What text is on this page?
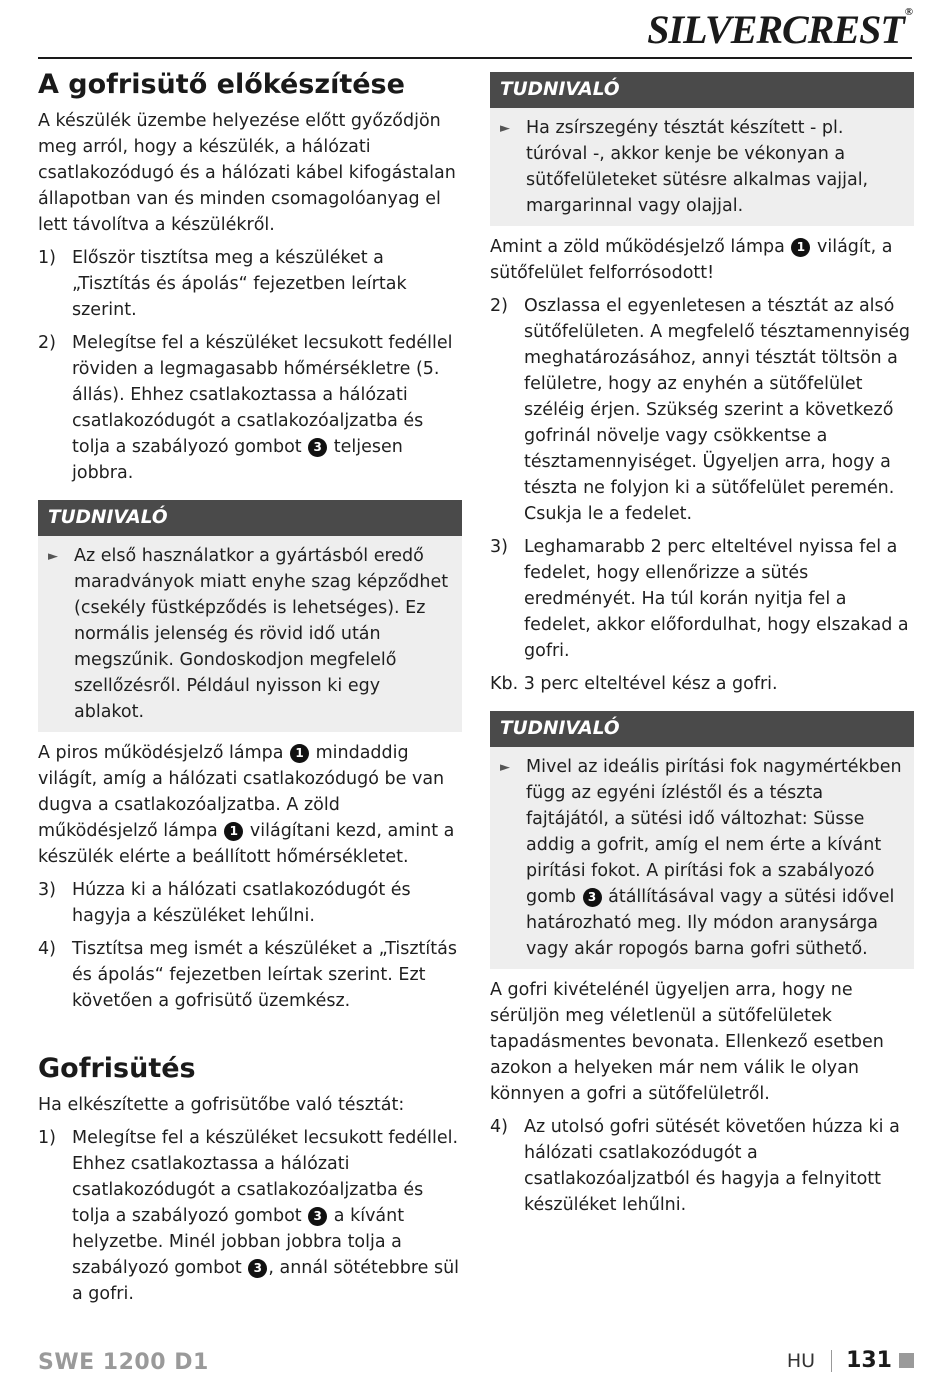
SILVERCREST®
A gofrisütő előkészítése

A készülék üzembe helyezése előtt győződjön meg arról, hogy a készülék, a hálózati csatlakozódugó és a hálózati kábel kifogástalan állapotban van és minden csomagolóanyag el lett távolítva a készülékről.

1) Először tisztítsa meg a készüléket a „Tisztítás és ápolás“ fejezetben leírtak szerint.
2) Melegítse fel a készüléket lecsukott fedéllel röviden a legmagasabb hőmérsékletre (5. állás). Ehhez csatlakoztassa a hálózati csatlakozódugót a csatlakozóaljzatba és tolja a szabályozó gombot 3 teljesen jobbra.
TUDNIVALÓ
► Az első használatkor a gyártásból eredő maradványok miatt enyhe szag képződhet (csekély füstképződés is lehetséges). Ez normális jelenség és rövid idő után megszűnik. Gondoskodjon megfelelő szellőzésről. Például nyisson ki egy ablakot.

A piros működésjelző lámpa 1 mindaddig világít, amíg a hálózati csatlakozódugó be van dugva a csatlakozóaljzatba. A zöld működésjelző lámpa 1 világítani kezd, amint a készülék elérte a beállított hőmérsékletet.

3) Húzza ki a hálózati csatlakozódugót és hagyja a készüléket lehűlni.
4) Tisztítsa meg ismét a készüléket a „Tisztítás és ápolás“ fejezetben leírtak szerint. Ezt követően a gofrisütő üzemkész.
Gofrisütés

Ha elkészítette a gofrisütőbe való tésztát:

1) Melegítse fel a készüléket lecsukott fedéllel. Ehhez csatlakoztassa a hálózati csatlakozódugót a csatlakozóaljzatba és tolja a szabályozó gombot 3 a kívánt helyzetbe. Minél jobban jobbra tolja a szabályozó gombot 3 , annál sötétebbre sül a gofri.
TUDNIVALÓ
► Ha zsírszegény tésztát készített - pl. túróval -, akkor kenje be vékonyan a sütőfelületeket sütésre alkalmas vajjal, margarinnal vagy olajjal.

Amint a zöld működésjelző lámpa 1 világít, a sütőfelület felforrósodott!

2) Oszlassa el egyenletesen a tésztát az alsó sütőfelületen. A megfelelő tésztamennyiség meghatározásához, annyi tésztát töltsön a felületre, hogy az enyhén a sütőfelület széléig érjen. Szükség szerint a következő gofrinál növelje vagy csökkentse a tésztamennyiséget. Ügyeljen arra, hogy a tészta ne folyjon ki a sütőfelület peremén. Csukja le a fedelet.
3) Leghamarabb 2 perc elteltével nyissa fel a fedelet, hogy ellenőrizze a sütés eredményét. Ha túl korán nyitja fel a fedelet, akkor előfordulhat, hogy elszakad a gofri.

Kb. 3 perc elteltével kész a gofri.

TUDNIVALÓ
► Mivel az ideális pirítási fok nagymértékben függ az egyéni ízléstől és a tészta fajtájától, a sütési idő változhat: Süsse addig a gofrit, amíg el nem érte a kívánt pirítási fokot. A pirítási fok a szabályozó gomb 3 átállításával vagy a sütési idővel határozható meg. Ily módon aranysárga vagy akár ropogós barna gofri süthető.

A gofri kivételénél ügyeljen arra, hogy ne sérüljön meg véletlenül a sütőfelületek tapadásmentes bevonata. Ellenkező esetben azokon a helyeken már nem válik le olyan könnyen a gofri a sütőfelületről.

4) Az utolsó gofri sütését követően húzza ki a hálózati csatlakozódugót a csatlakozóaljzatból és hagyja a felnyitott készüléket lehűlni.
SWE 1200 D1	HU 131
